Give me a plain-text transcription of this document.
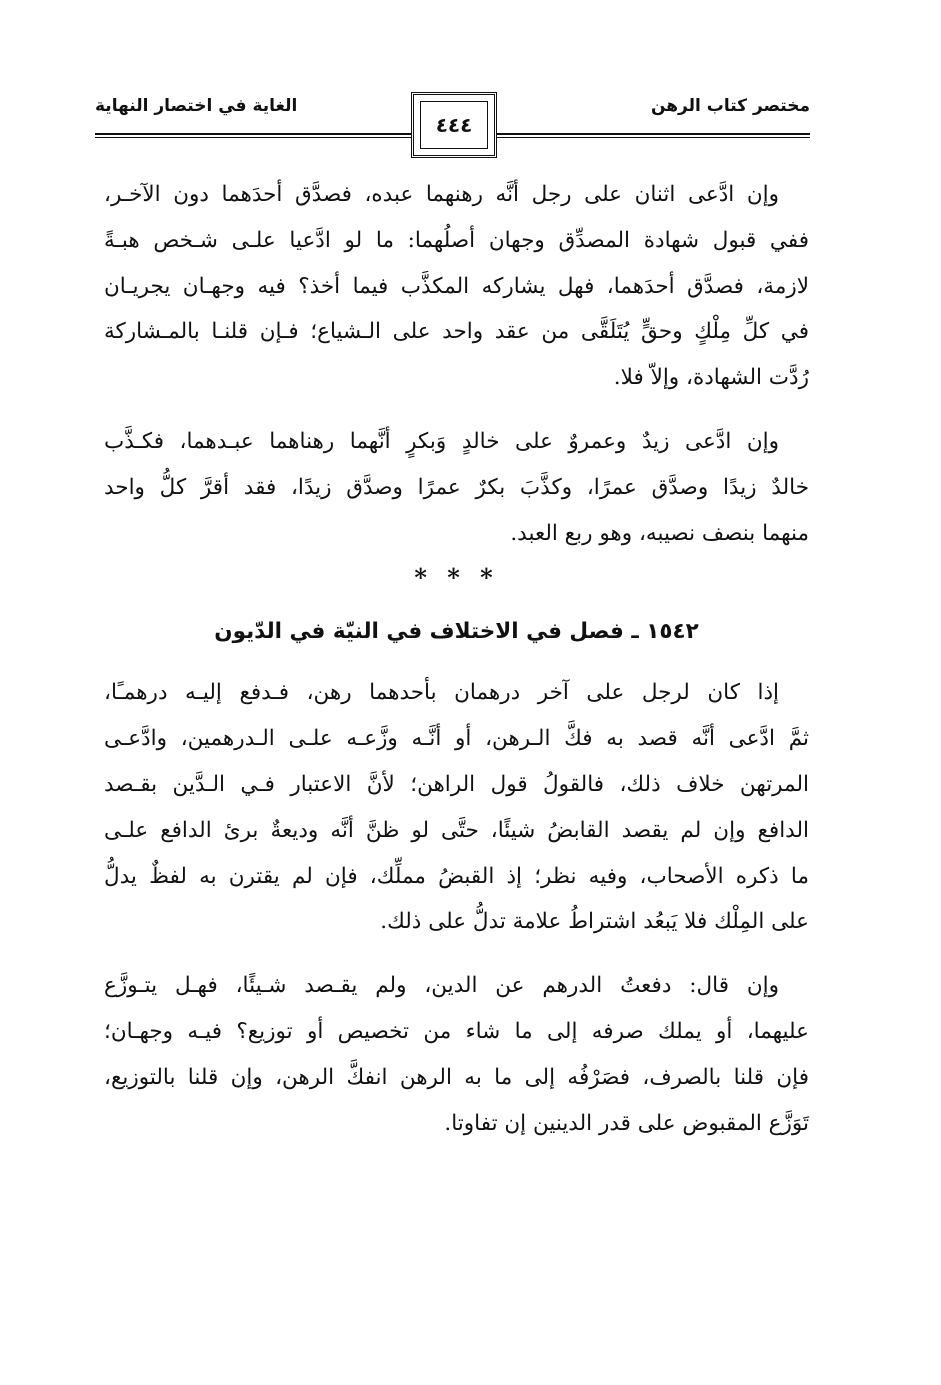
مختصر كتاب الرهن
الغاية في اختصار النهاية
٤٤٤
وإن ادَّعى اثنان على رجل أنَّه رهنهما عبده، فصدَّق أحدَهما دون الآخـر،
ففي قبول شهادة المصدِّق وجهان أصلُهما: ما لو ادَّعيا علـى شـخص هبـةً
لازمة، فصدَّق أحدَهما، فهل يشاركه المكذَّب فيما أخذ؟ فيه وجهـان يجريـان
في كلِّ مِلْكٍ وحقٍّ يُتَلَقَّى من عقد واحد على الـشياع؛ فـإن قلنـا بالمـشاركة
رُدَّت الشهادة، وإلاّ فلا.
وإن ادَّعى زيدٌ وعمروٌ على خالدٍ وَبكرٍ أنَّهما رهناهما عبـدهما، فكـذَّب
خالدٌ زيدًا وصدَّق عمرًا، وكذَّبَ بكرٌ عمرًا وصدَّق زيدًا، فقد أقرَّ كلُّ واحد
منهما بنصف نصيبه، وهو ربع العبد.
* * *
١٥٤٢ ـ فصل في الاختلاف في النيّة في الدّيون
إذا كان لرجل على آخر درهمان بأحدهما رهن، فـدفع إليـه درهمـًا،
ثمَّ ادَّعى أنَّه قصد به فكَّ الـرهن، أو أنَّـه وزَّعـه علـى الـدرهمين، وادَّعـى
المرتهن خلاف ذلك، فالقولُ قول الراهن؛ لأنَّ الاعتبار فـي الـدَّين بقـصد
الدافع وإن لم يقصد القابضُ شيئًا، حتَّى لو ظنَّ أنَّه وديعةٌ برئ الدافع علـى
ما ذكره الأصحاب، وفيه نظر؛ إذ القبضُ مملِّك، فإن لم يقترن به لفظٌ يدلُّ
على المِلْك فلا يَبعُد اشتراطُ علامة تدلُّ على ذلك.
وإن قال: دفعتُ الدرهم عن الدين، ولم يقـصد شـيئًا، فهـل يتـوزَّع
عليهما، أو يملك صرفه إلى ما شاء من تخصيص أو توزيع؟ فيـه وجهـان؛
فإن قلنا بالصرف، فصَرْفُه إلى ما به الرهن انفكَّ الرهن، وإن قلنا بالتوزيع،
تَوَزَّع المقبوض على قدر الدينين إن تفاوتا.
